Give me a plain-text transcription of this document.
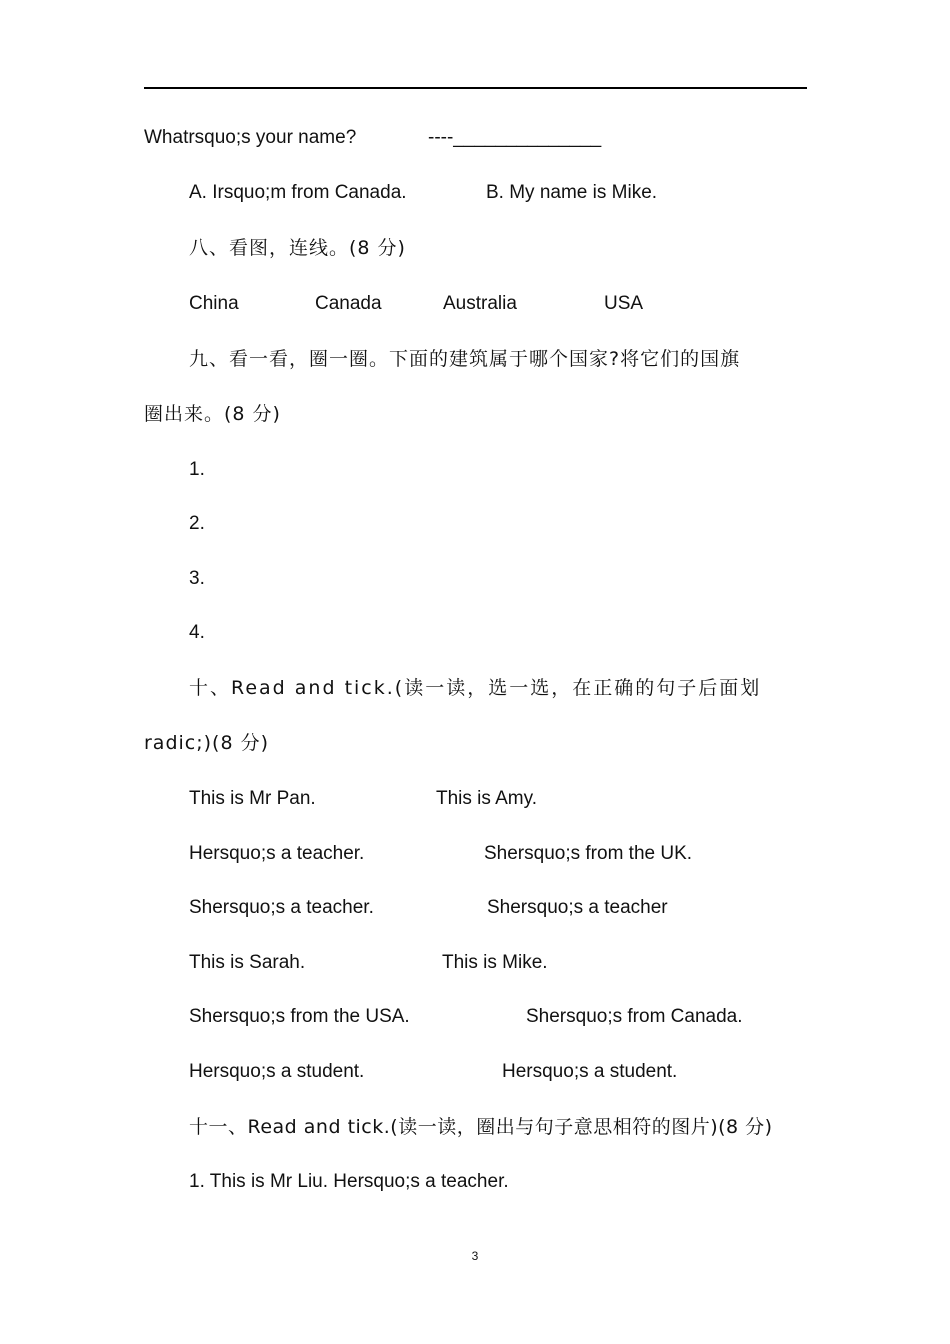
Whatrsquo;s your name?	----______________
A. Irsquo;m from Canada.	B. My name is Mike.
八、看图，连线。(8 分)
China	Canada	Australia	USA
九、看一看，圈一圈。下面的建筑属于哪个国家?将它们的国旗
圈出来。(8 分)
1.
2.
3.
4.
十、Read and tick.(读一读，选一选，在正确的句子后面划
radic;)(8 分)
This is Mr Pan.	This is Amy.
Hersquo;s a teacher.	Shersquo;s from the UK.
Shersquo;s a teacher.	Shersquo;s a teacher
This is Sarah.	This is Mike.
Shersquo;s from the USA.	Shersquo;s from Canada.
Hersquo;s a student.	Hersquo;s a student.
十一、Read and tick.(读一读，圈出与句子意思相符的图片)(8 分)
1. This is Mr Liu. Hersquo;s a teacher.
3
